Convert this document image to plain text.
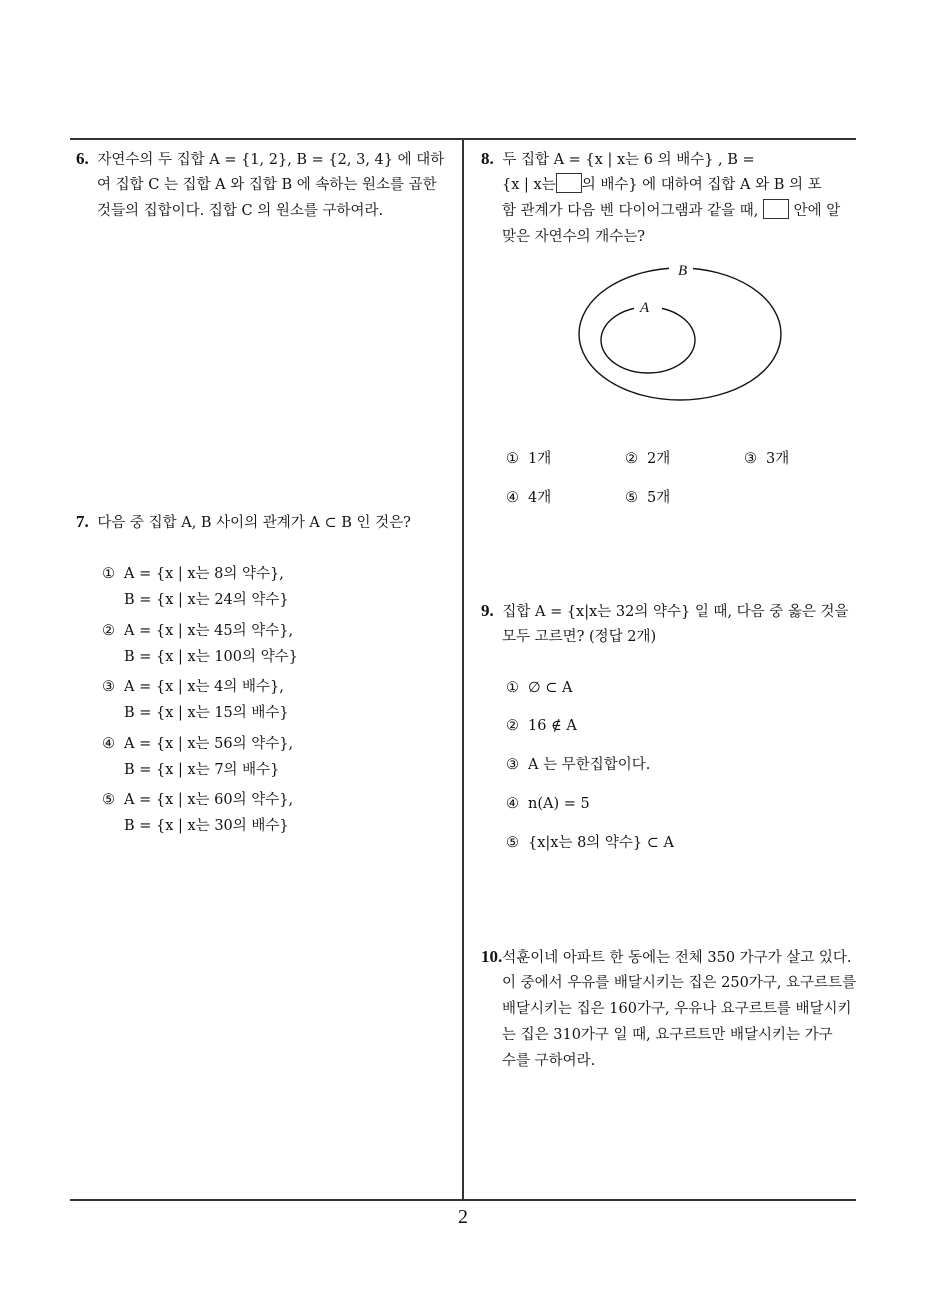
6. 자연수의 두 집합 A = {1, 2}, B = {2, 3, 4} 에 대하
여 집합 C 는 집합 A 와 집합 B 에 속하는 원소를 곱한
것들의 집합이다. 집합 C 의 원소를 구하여라.
7. 다음 중 집합 A, B 사이의 관계가 A ⊂ B 인 것은?
① A = {x | x는 8의 약수},
B = {x | x는 24의 약수}
② A = {x | x는 45의 약수},
B = {x | x는 100의 약수}
③ A = {x | x는 4의 배수},
B = {x | x는 15의 배수}
④ A = {x | x는 56의 약수},
B = {x | x는 7의 배수}
⑤ A = {x | x는 60의 약수},
B = {x | x는 30의 배수}
8. 두 집합 A = {x | x는 6 의 배수} , B =
{x | x는 의 배수} 에 대하여 집합 A 와 B 의 포
함 관계가 다음 벤 다이어그램과 같을 때, 안에 알
맞은 자연수의 개수는?
B
A
① 1개	② 2개	③ 3개
④ 4개	⑤ 5개
9. 집합 A = {x|x는 32의 약수} 일 때, 다음 중 옳은 것을
모두 고르면? (정답 2개)
① ∅ ⊂ A
② 16 ∉ A
③ A 는 무한집합이다.
④ n(A) = 5
⑤ {x|x는 8의 약수} ⊂ A
10.석훈이네 아파트 한 동에는 전체 350 가구가 살고 있다.
이 중에서 우유를 배달시키는 집은 250가구, 요구르트를
배달시키는 집은 160가구, 우유나 요구르트를 배달시키
는 집은 310가구 일 때, 요구르트만 배달시키는 가구
수를 구하여라.
2
